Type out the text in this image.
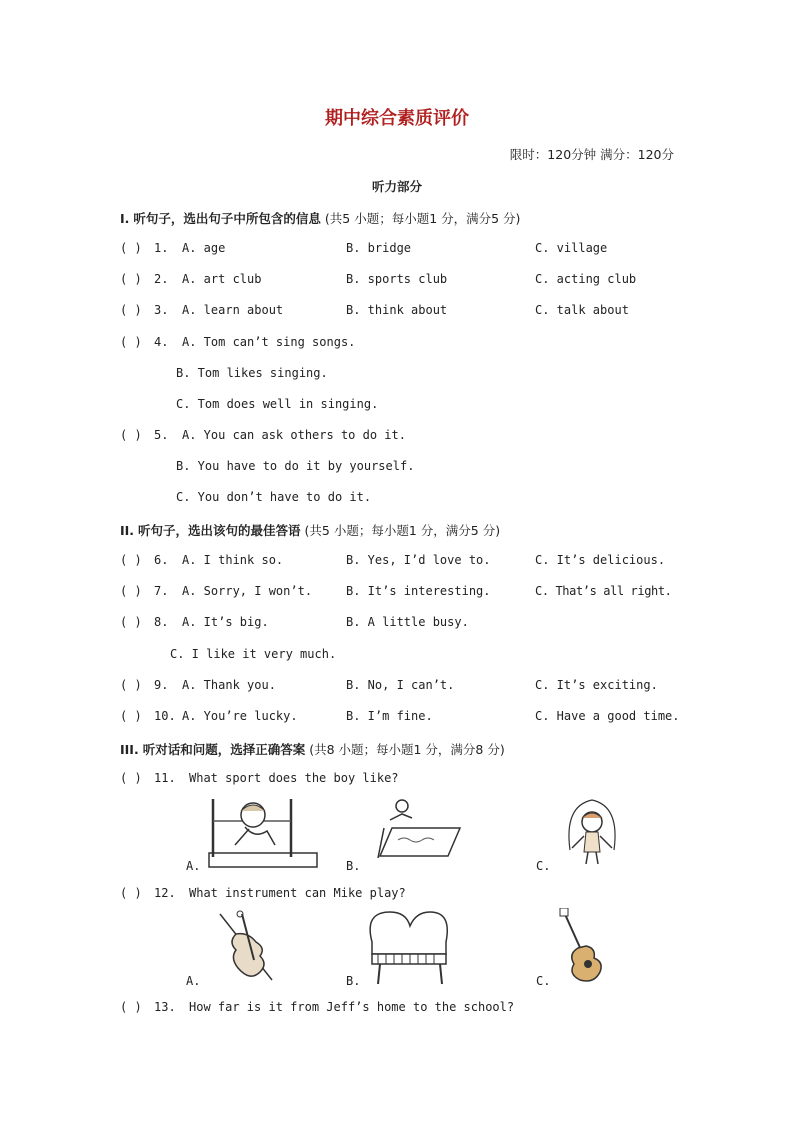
期中综合素质评价
限时：120分钟 满分：120分
听力部分
I. 听句子，选出句子中所包含的信息 (共5 小题；每小题1 分，满分5 分)
( ) 1. A. age	B. bridge	C. village
( ) 2. A. art club	B. sports club	C. acting club
( ) 3. A. learn about	B. think about	C. talk about
( ) 4. A. Tom can’t sing songs.
B. Tom likes singing.
C. Tom does well in singing.
( ) 5. A. You can ask others to do it.
B. You have to do it by yourself.
C. You don’t have to do it.
II. 听句子，选出该句的最佳答语 (共5 小题；每小题1 分，满分5 分)
( ) 6. A. I think so.	B. Yes, I’d love to.	C. It’s delicious.
( ) 7. A. Sorry, I won’t.	B. It’s interesting.	C. That’s all right.
( ) 8. A. It’s big.	B. A little busy.
C. I like it very much.
( ) 9. A. Thank you.	B. No, I can’t.	C. It’s exciting.
( ) 10. A. You’re lucky.	B. I’m fine.	C. Have a good time.
III. 听对话和问题，选择正确答案 (共8 小题；每小题1 分，满分8 分)
( ) 11. What sport does the boy like?
A.	B.	C.
( ) 12. What instrument can Mike play?
A.	B.	C.
( ) 13. How far is it from Jeff’s home to the school?
